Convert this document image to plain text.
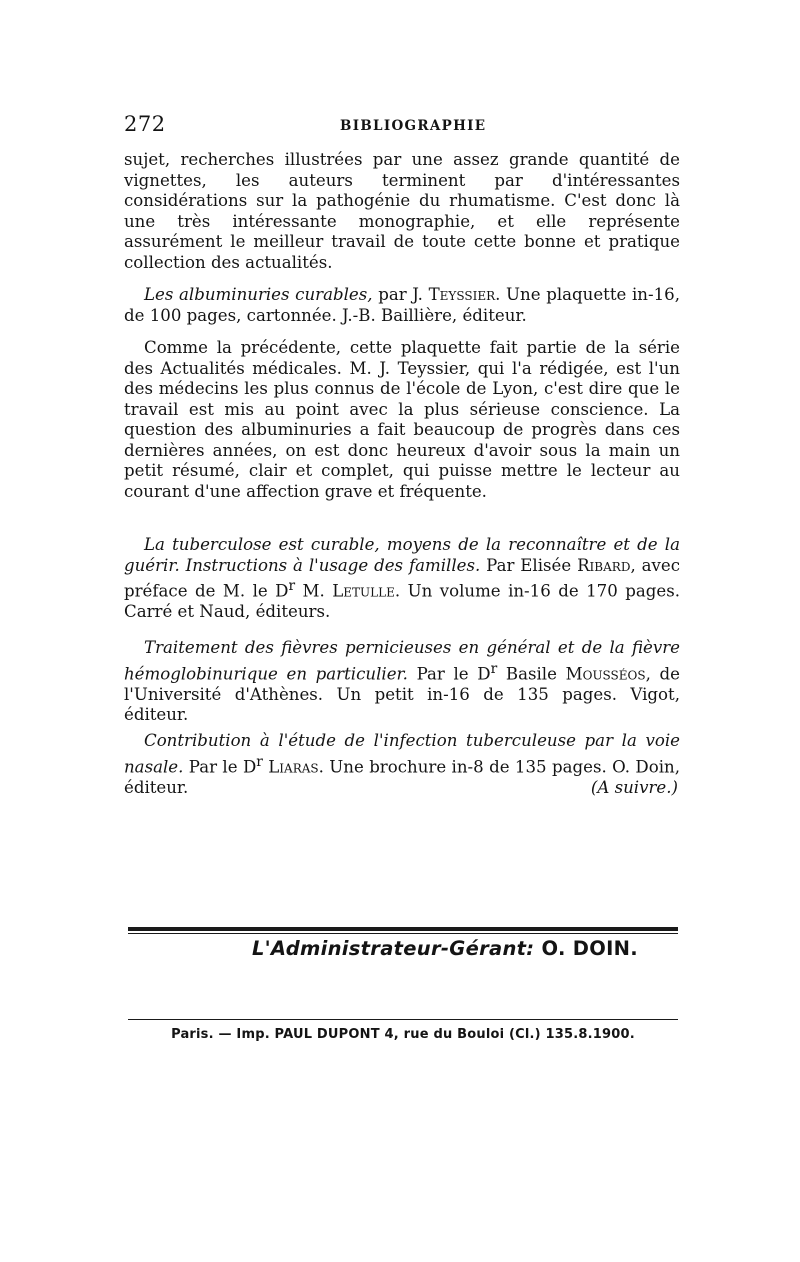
272	BIBLIOGRAPHIE

sujet, recherches illustrées par une assez grande quantité de vignettes, les auteurs terminent par d'intéressantes considérations sur la pathogénie du rhumatisme. C'est donc là une très intéressante monographie, et elle représente assurément le meilleur travail de toute cette bonne et pratique collection des actualités.

Les albuminuries curables, par J. Teyssier. Une plaquette in-16, de 100 pages, cartonnée. J.-B. Baillière, éditeur.

Comme la précédente, cette plaquette fait partie de la série des Actualités médicales. M. J. Teyssier, qui l'a rédigée, est l'un des médecins les plus connus de l'école de Lyon, c'est dire que le travail est mis au point avec la plus sérieuse conscience. La question des albuminuries a fait beaucoup de progrès dans ces dernières années, on est donc heureux d'avoir sous la main un petit résumé, clair et complet, qui puisse mettre le lecteur au courant d'une affection grave et fréquente.

La tuberculose est curable, moyens de la reconnaître et de la guérir. Instructions à l'usage des familles. Par Elisée Ribard, avec préface de M. le $D^r$ M. Letulle. Un volume in-16 de 170 pages. Carré et Naud, éditeurs.

Traitement des fièvres pernicieuses en général et de la fièvre hémoglobinurique en particulier. Par le $D^r$ Basile Mousséos, de l'Université d'Athènes. Un petit in-16 de 135 pages. Vigot, éditeur.

Contribution à l'étude de l'infection tuberculeuse par la voie nasale. Par le $D^r$ Liaras. Une brochure in-8 de 135 pages. O. Doin, éditeur.	(A suivre.)
L'Administrateur-Gérant: O. DOIN.
Paris. — Imp. PAUL DUPONT 4, rue du Bouloi (Cl.) 135.8.1900.
